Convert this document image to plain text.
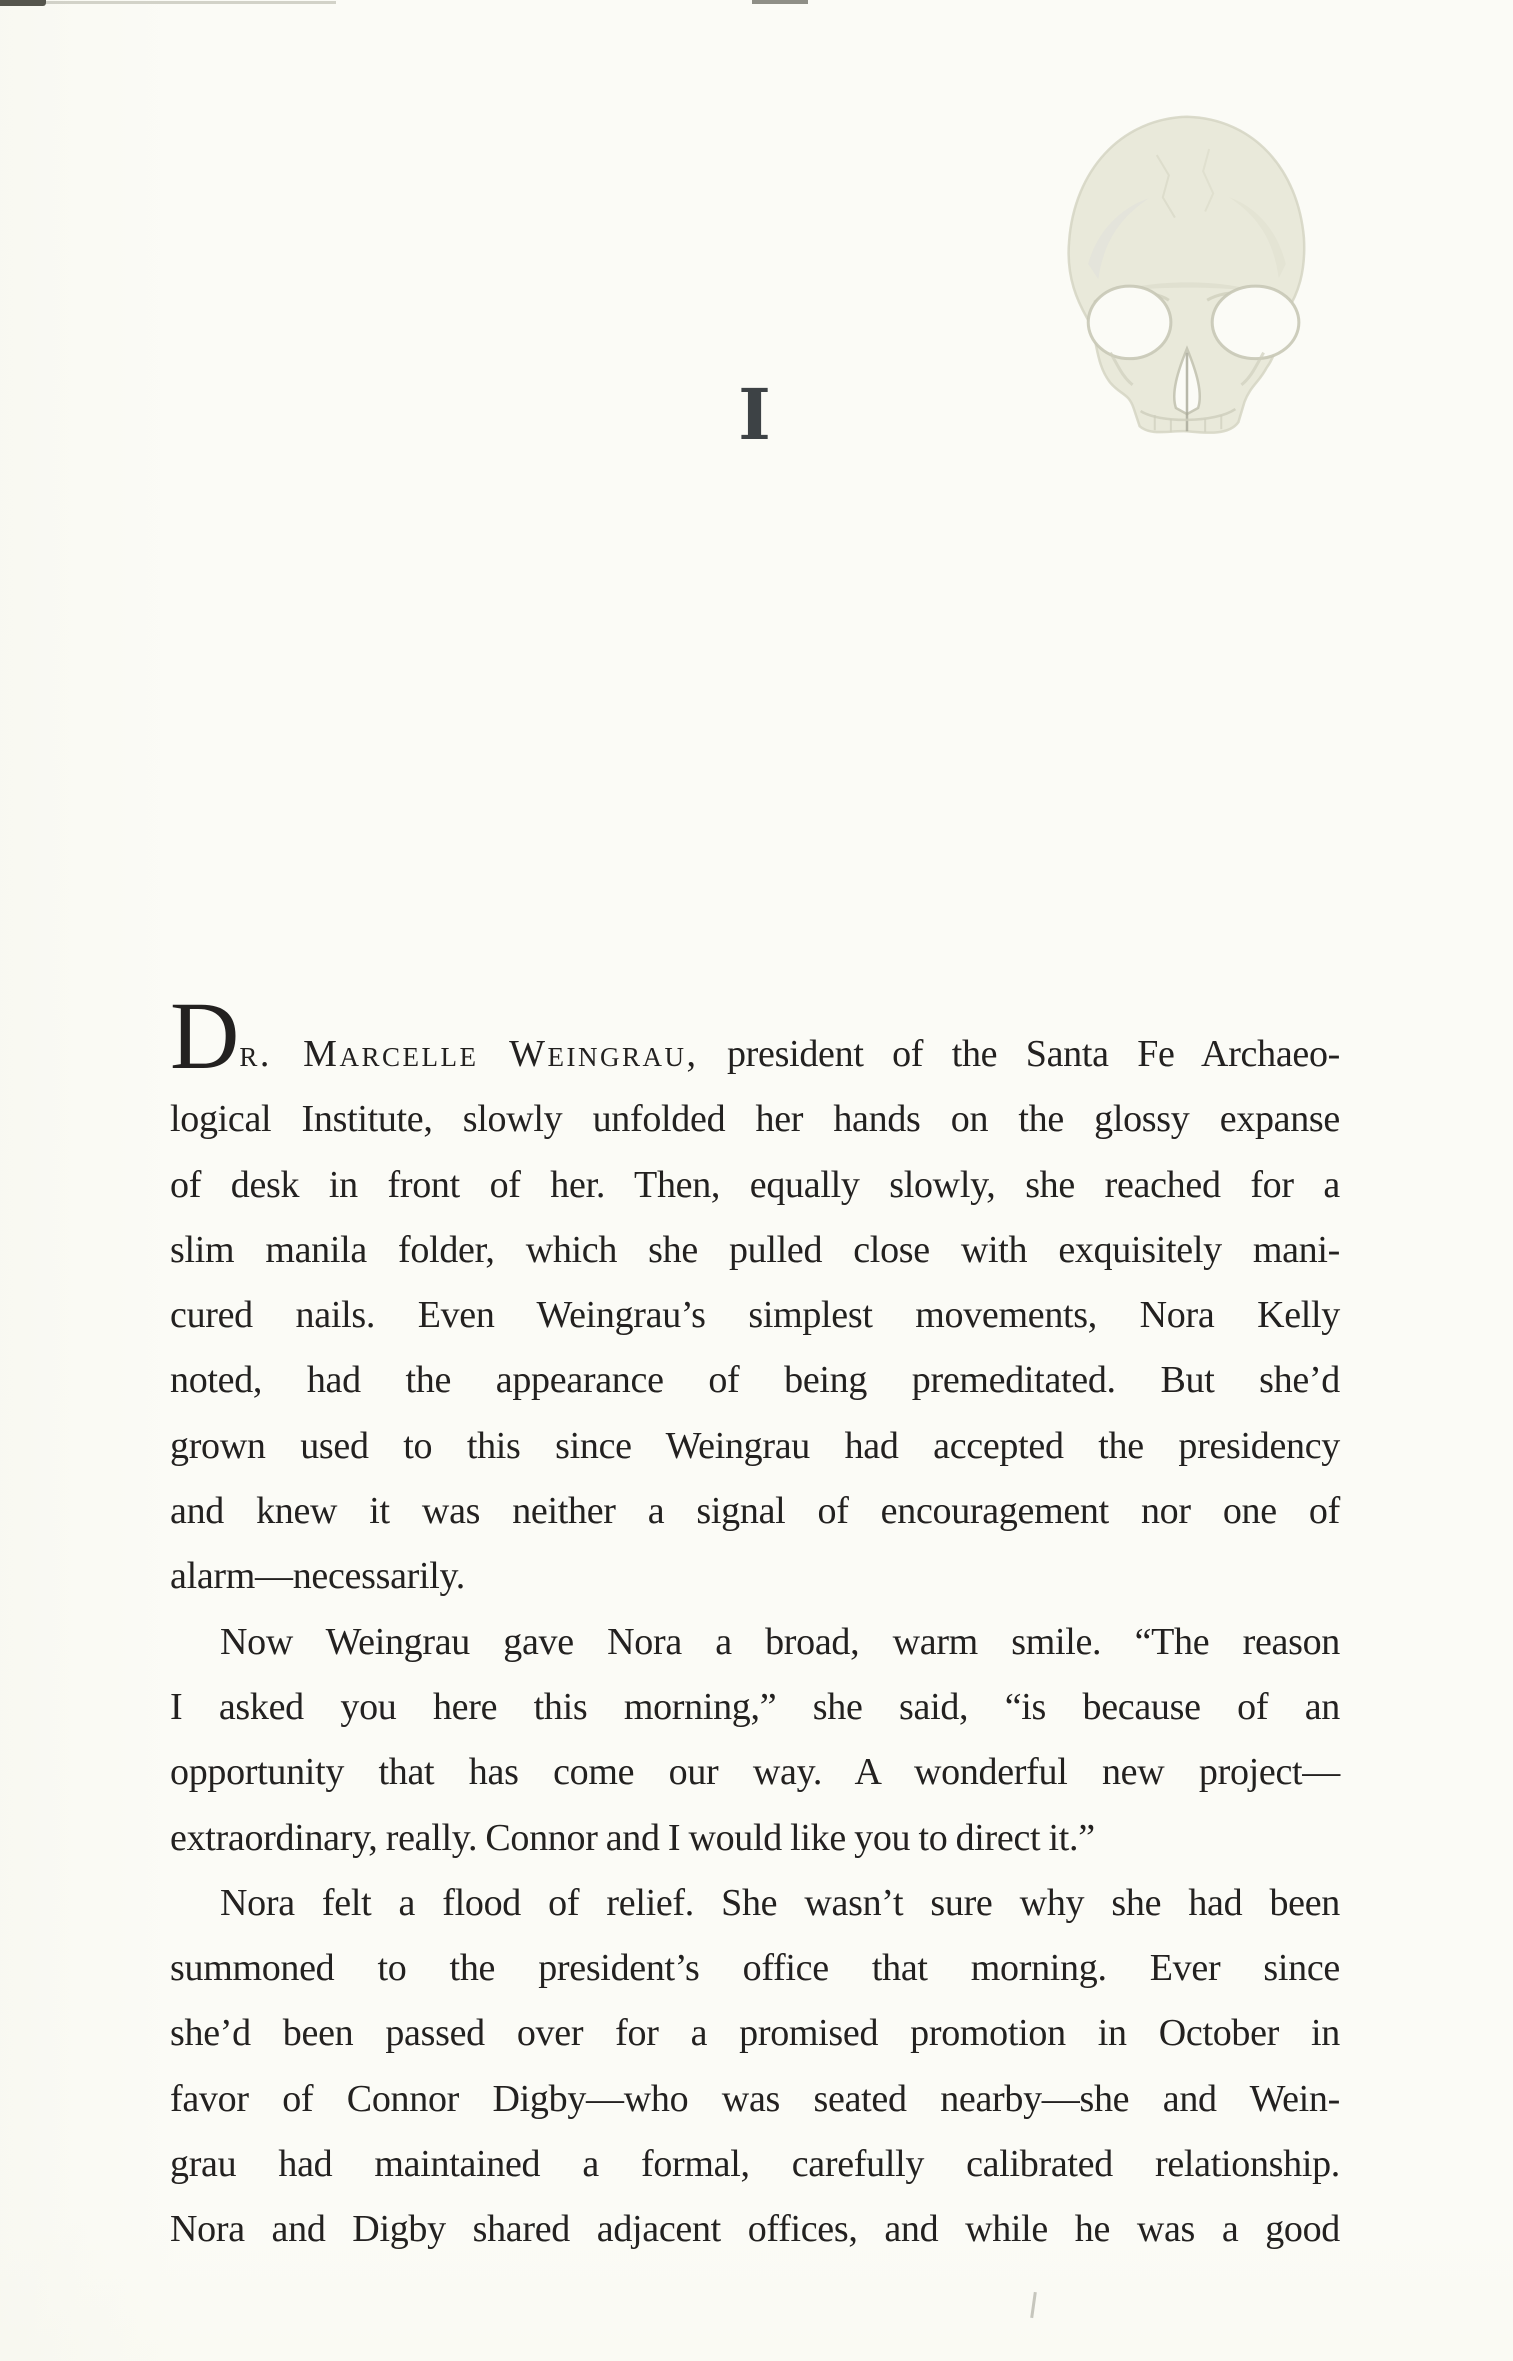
I
Dr. Marcelle Weingrau, president of the Santa Fe Archaeo-
logical Institute, slowly unfolded her hands on the glossy expanse
of desk in front of her. Then, equally slowly, she reached for a
slim manila folder, which she pulled close with exquisitely mani-
cured nails. Even Weingrau’s simplest movements, Nora Kelly
noted, had the appearance of being premeditated. But she’d
grown used to this since Weingrau had accepted the presidency
and knew it was neither a signal of encouragement nor one of
alarm—necessarily.
Now Weingrau gave Nora a broad, warm smile. “The reason
I asked you here this morning,” she said, “is because of an
opportunity that has come our way. A wonderful new project—
extraordinary, really. Connor and I would like you to direct it.”
Nora felt a flood of relief. She wasn’t sure why she had been
summoned to the president’s office that morning. Ever since
she’d been passed over for a promised promotion in October in
favor of Connor Digby—who was seated nearby—she and Wein-
grau had maintained a formal, carefully calibrated relationship.
Nora and Digby shared adjacent offices, and while he was a good
